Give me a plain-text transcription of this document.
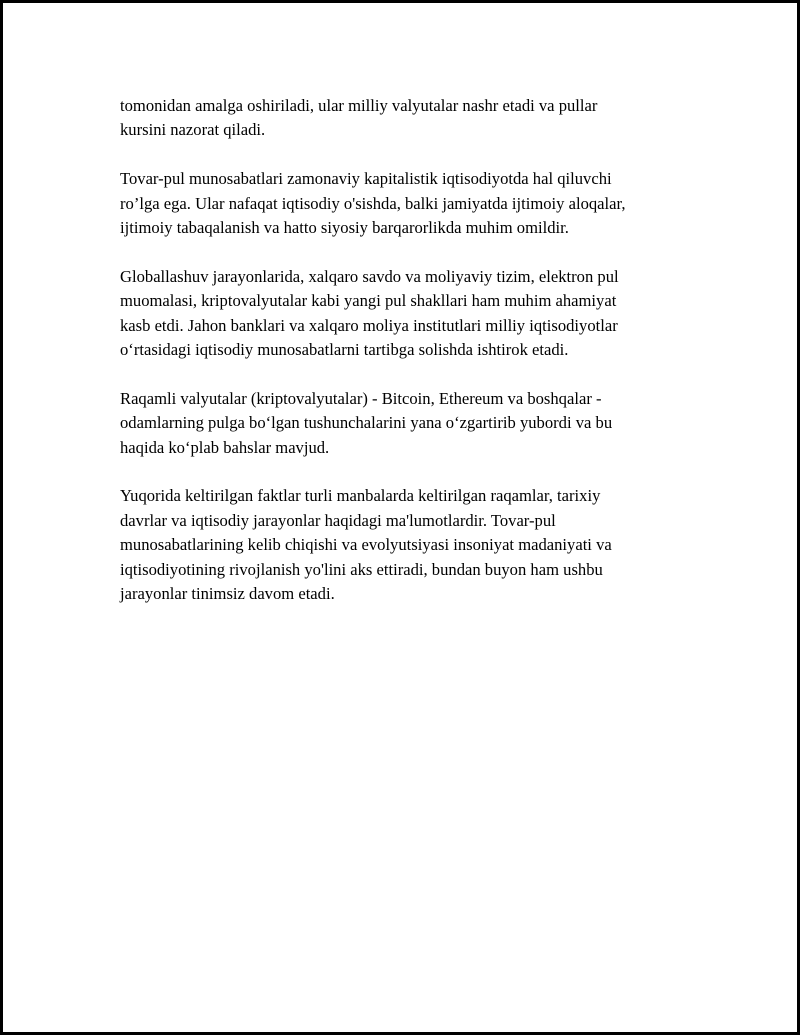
tomonidan amalga oshiriladi, ular milliy valyutalar nashr etadi va pullar
kursini nazorat qiladi.

Tovar-pul munosabatlari zamonaviy kapitalistik iqtisodiyotda hal qiluvchi
ro’lga ega. Ular nafaqat iqtisodiy o'sishda, balki jamiyatda ijtimoiy aloqalar,
ijtimoiy tabaqalanish va hatto siyosiy barqarorlikda muhim omildir.

Globallashuv jarayonlarida, xalqaro savdo va moliyaviy tizim, elektron pul
muomalasi, kriptovalyutalar kabi yangi pul shakllari ham muhim ahamiyat
kasb etdi. Jahon banklari va xalqaro moliya institutlari milliy iqtisodiyotlar
o‘rtasidagi iqtisodiy munosabatlarni tartibga solishda ishtirok etadi.

Raqamli valyutalar (kriptovalyutalar) - Bitcoin, Ethereum va boshqalar -
odamlarning pulga bo‘lgan tushunchalarini yana o‘zgartirib yubordi va bu
haqida ko‘plab bahslar mavjud.

Yuqorida keltirilgan faktlar turli manbalarda keltirilgan raqamlar, tarixiy
davrlar va iqtisodiy jarayonlar haqidagi ma'lumotlardir. Tovar-pul
munosabatlarining kelib chiqishi va evolyutsiyasi insoniyat madaniyati va
iqtisodiyotining rivojlanish yo'lini aks ettiradi, bundan buyon ham ushbu
jarayonlar tinimsiz davom etadi.
